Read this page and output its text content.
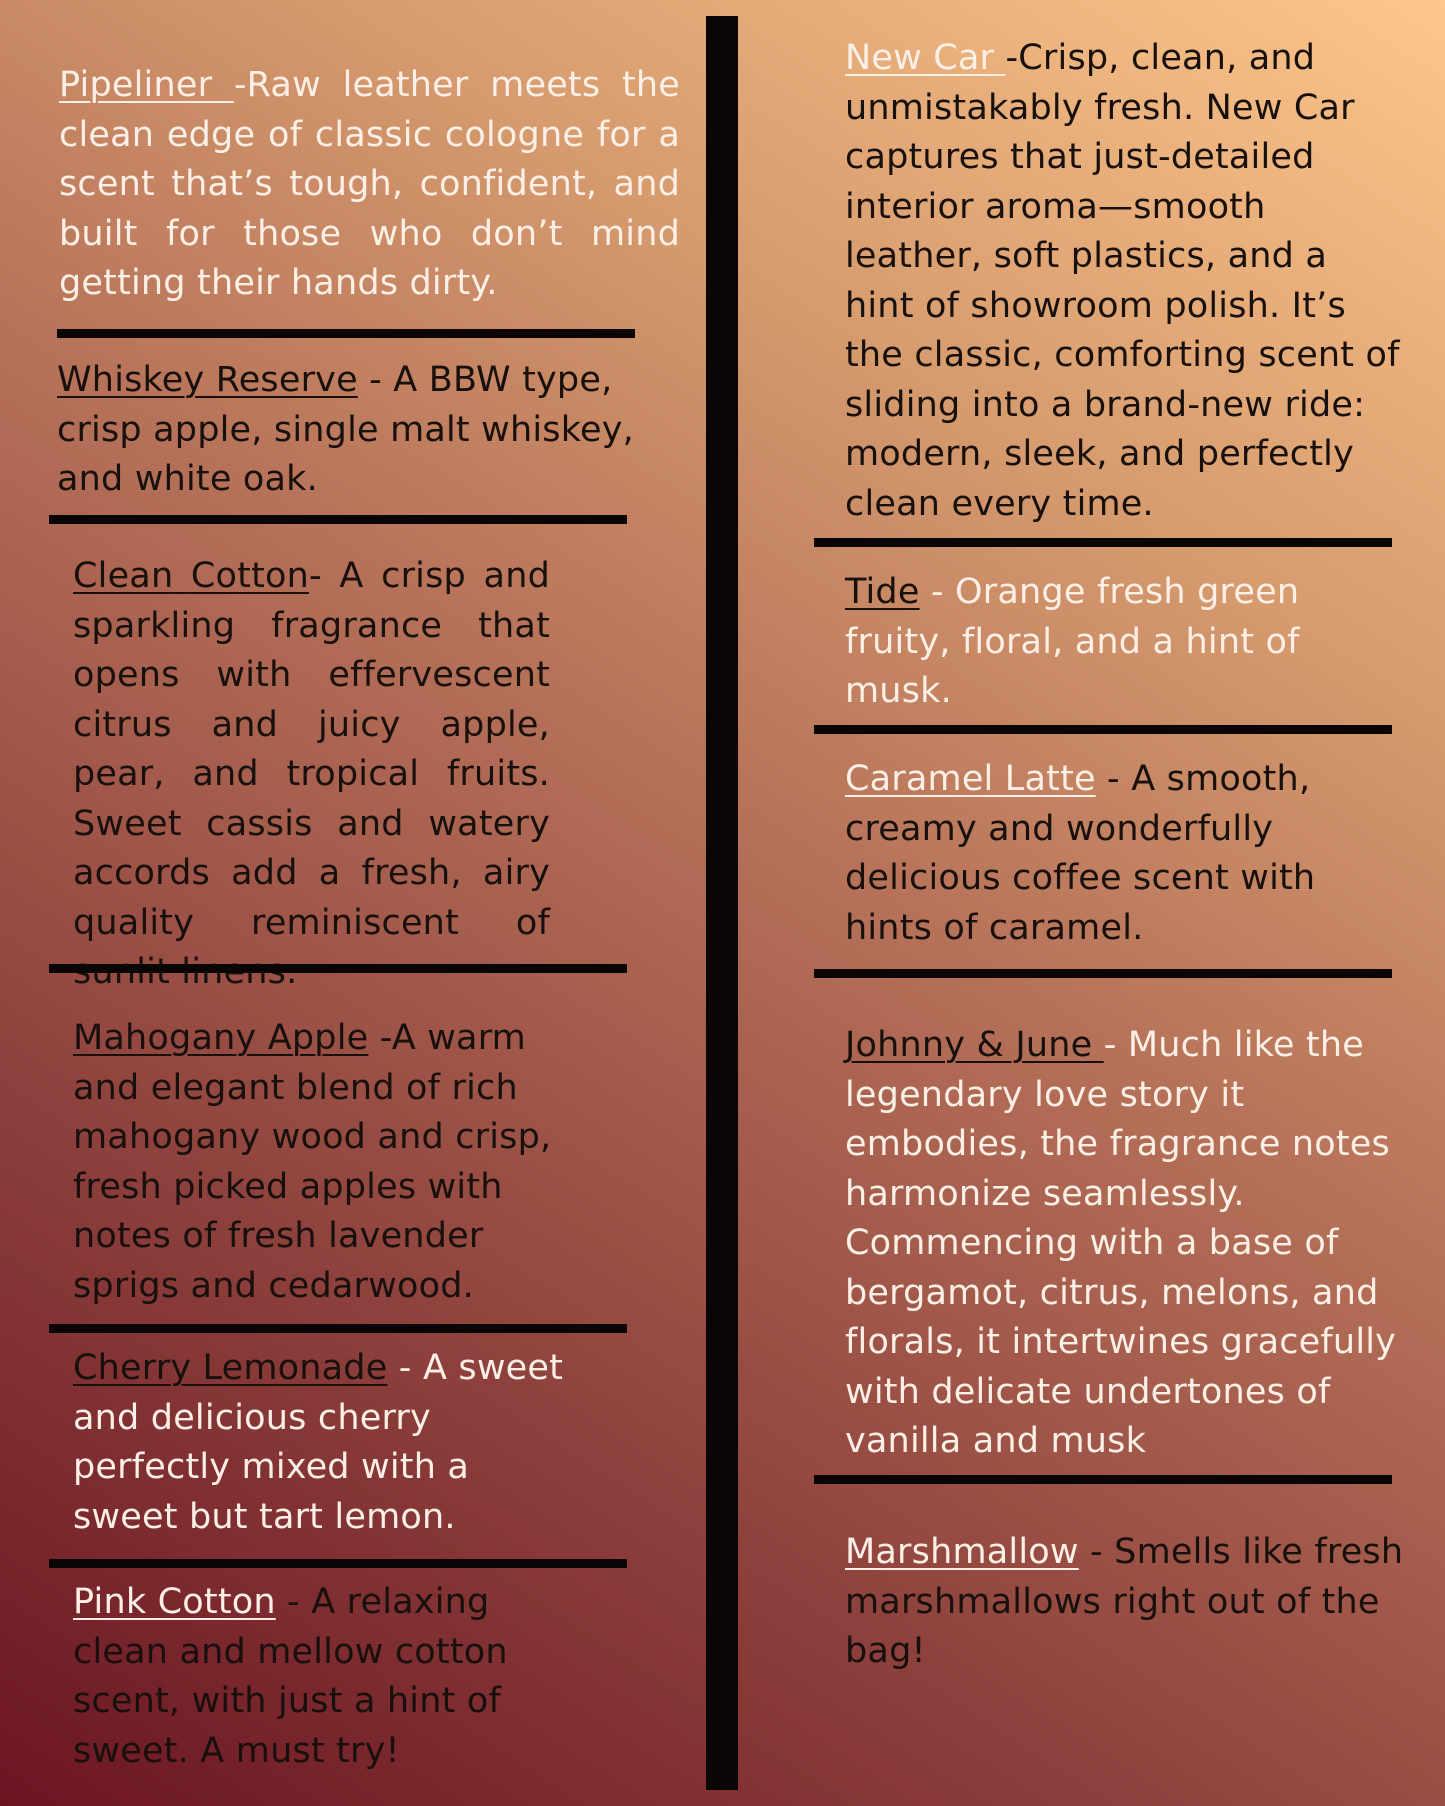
Pipeliner -Raw leather meets the clean edge of classic cologne for a scent that’s tough, confident, and built for those who don’t mind getting their hands dirty.
Whiskey Reserve - A BBW type, crisp apple, single malt whiskey, and white oak.
Clean Cotton- A crisp and sparkling fragrance that opens with effervescent citrus and juicy apple, pear, and tropical fruits. Sweet cassis and watery accords add a fresh, airy quality reminiscent of
Mahogany Apple -A warm and elegant blend of rich mahogany wood and crisp, fresh picked apples with notes of fresh lavender sprigs and cedarwood.
Cherry Lemonade - A sweet and delicious cherry perfectly mixed with a sweet but tart lemon.
Pink Cotton - A relaxing clean and mellow cotton scent, with just a hint of sweet. A must try!
New Car -Crisp, clean, and unmistakably fresh. New Car captures that just-detailed interior aroma—smooth leather, soft plastics, and a hint of showroom polish. It’s the classic, comforting scent of sliding into a brand-new ride: modern, sleek, and perfectly clean every time.
Tide - Orange fresh green fruity, floral, and a hint of musk.
Caramel Latte - A smooth, creamy and wonderfully delicious coffee scent with hints of caramel.
Johnny & June - Much like the legendary love story it embodies, the fragrance notes harmonize seamlessly. Commencing with a base of bergamot, citrus, melons, and florals, it intertwines gracefully with delicate undertones of vanilla and musk
Marshmallow - Smells like fresh marshmallows right out of the bag!
